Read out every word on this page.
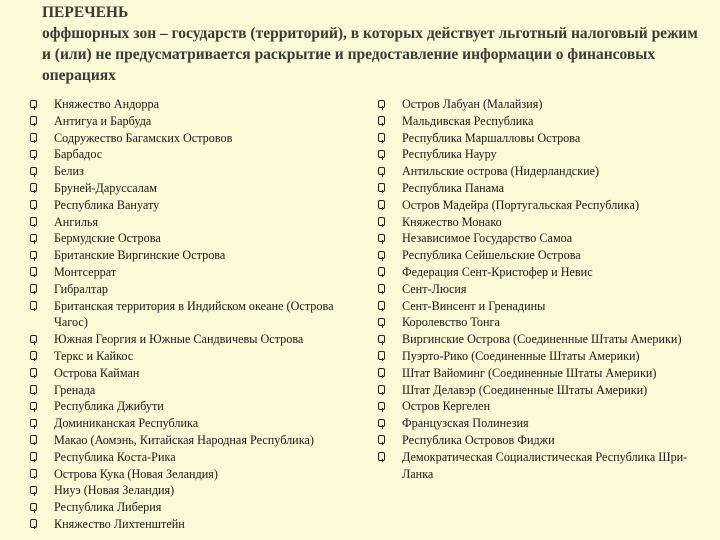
ПЕРЕЧЕНЬ
оффшорных зон – государств (территорий), в которых действует льготный налоговый режим и (или) не предусматривается раскрытие и предоставление информации о финансовых операциях
Княжество Андорра
Антигуа и Барбуда
Содружество Багамских Островов
Барбадос
Белиз
Бруней-Даруссалам
Республика Вануату
Ангилья
Бермудские Острова
Британские Виргинские Острова
Монтсеррат
Гибралтар
Британская территория в Индийском океане (Острова Чагос)
Южная Георгия и Южные Сандвичевы Острова
Теркс и Кайкос
Острова Кайман
Гренада
Республика Джибути
Доминиканская Республика
Макао (Аомэнь, Китайская Народная Республика)
Республика Коста-Рика
Острова Кука (Новая Зеландия)
Ниуэ (Новая Зеландия)
Республика Либерия
Княжество Лихтенштейн
Остров Лабуан (Малайзия)
Мальдивская Республика
Республика Маршалловы Острова
Республика Науру
Антильские острова (Нидерландские)
Республика Панама
Остров Мадейра (Португальская Республика)
Княжество Монако
Независимое Государство Самоа
Республика Сейшельские Острова
Федерация Сент-Кристофер и Невис
Сент-Люсия
Сент-Винсент и Гренадины
Королевство Тонга
Виргинские Острова (Соединенные Штаты Америки)
Пуэрто-Рико (Соединенные Штаты Америки)
Штат Вайоминг (Соединенные Штаты Америки)
Штат Делавэр (Соединенные Штаты Америки)
Остров Кергелен
Французская Полинезия
Республика Островов Фиджи
Демократическая Социалистическая Республика Шри-Ланка
